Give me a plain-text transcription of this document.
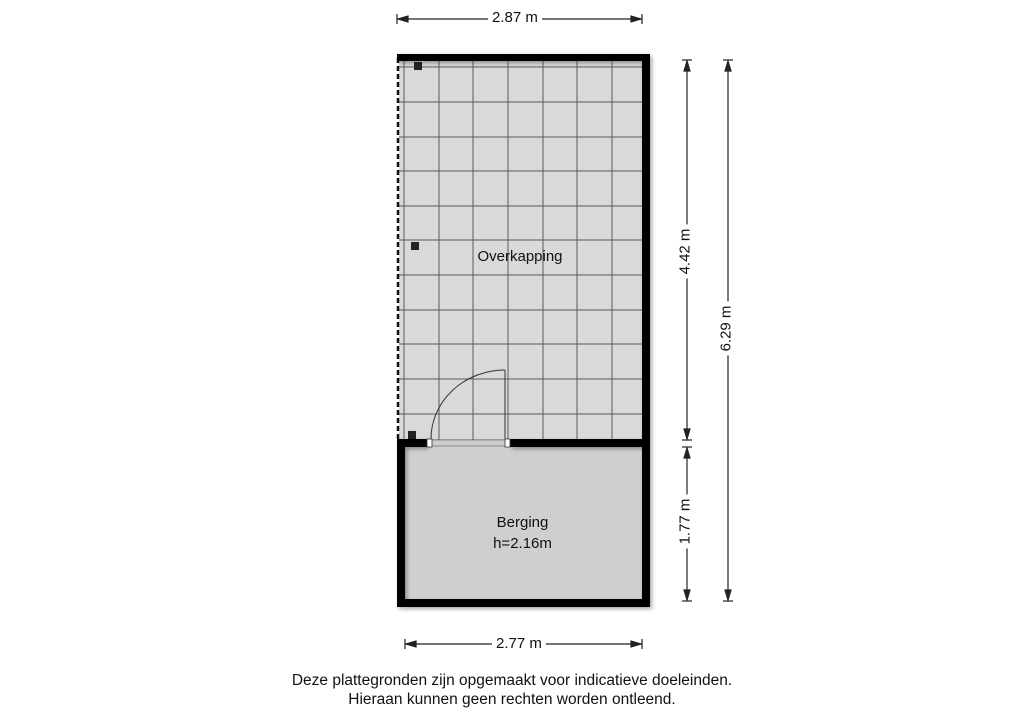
2.87 m
2.77 m
4.42 m
1.77 m
6.29 m
Overkapping
Berging
h=2.16m
Deze plattegronden zijn opgemaakt voor indicatieve doeleinden.
Hieraan kunnen geen rechten worden ontleend.
